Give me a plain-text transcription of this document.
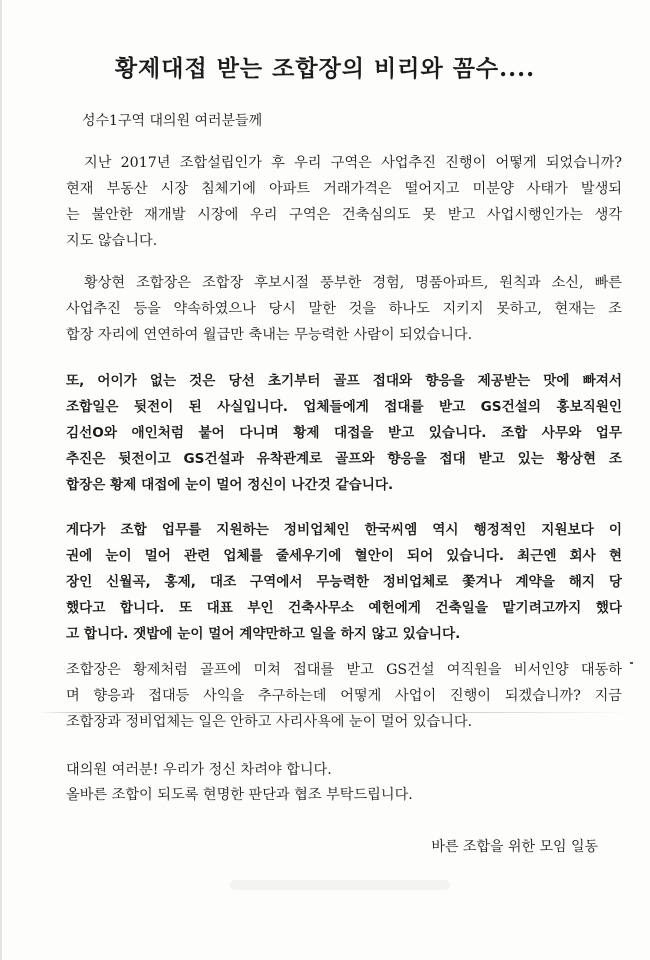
황제대접 받는 조합장의 비리와 꼼수....
성수1구역 대의원 여러분들께
지난 2017년 조합설립인가 후 우리 구역은 사업추진 진행이 어떻게 되었습니까?
현재 부동산 시장 침체기에 아파트 거래가격은 떨어지고 미분양 사태가 발생되
는 불안한 재개발 시장에 우리 구역은 건축심의도 못 받고 사업시행인가는 생각
지도 않습니다.
황상현 조합장은 조합장 후보시절 풍부한 경험, 명품아파트, 원칙과 소신, 빠른
사업추진 등을 약속하였으나 당시 말한 것을 하나도 지키지 못하고, 현재는 조
합장 자리에 연연하여 월급만 축내는 무능력한 사람이 되었습니다.
또, 어이가 없는 것은 당선 초기부터 골프 접대와 향응을 제공받는 맛에 빠져서
조합일은 뒷전이 된 사실입니다. 업체들에게 접대를 받고 GS건설의 홍보직원인
김선O와 애인처럼 붙어 다니며 황제 대접을 받고 있습니다. 조합 사무와 업무
추진은 뒷전이고 GS건설과 유착관계로 골프와 향응을 접대 받고 있는 황상현 조
합장은 황제 대접에 눈이 멀어 정신이 나간것 같습니다.
게다가 조합 업무를 지원하는 정비업체인 한국씨엠 역시 행정적인 지원보다 이
권에 눈이 멀어 관련 업체를 줄세우기에 혈안이 되어 있습니다. 최근엔 회사 현
장인 신월곡, 홍제, 대조 구역에서 무능력한 정비업체로 쫓겨나 계약을 해지 당
했다고 합니다. 또 대표 부인 건축사무소 예헌에게 건축일을 맡기려고까지 했다
고 합니다. 잿밥에 눈이 멀어 계약만하고 일을 하지 않고 있습니다.
조합장은 황제처럼 골프에 미쳐 접대를 받고 GS건설 여직원을 비서인양 대동하
며 향응과 접대등 사익을 추구하는데 어떻게 사업이 진행이 되겠습니까? 지금
조합장과 정비업체는 일은 안하고 사리사욕에 눈이 멀어 있습니다.
대의원 여러분! 우리가 정신 차려야 합니다.
올바른 조합이 되도록 현명한 판단과 협조 부탁드립니다.
바른 조합을 위한 모임 일동
